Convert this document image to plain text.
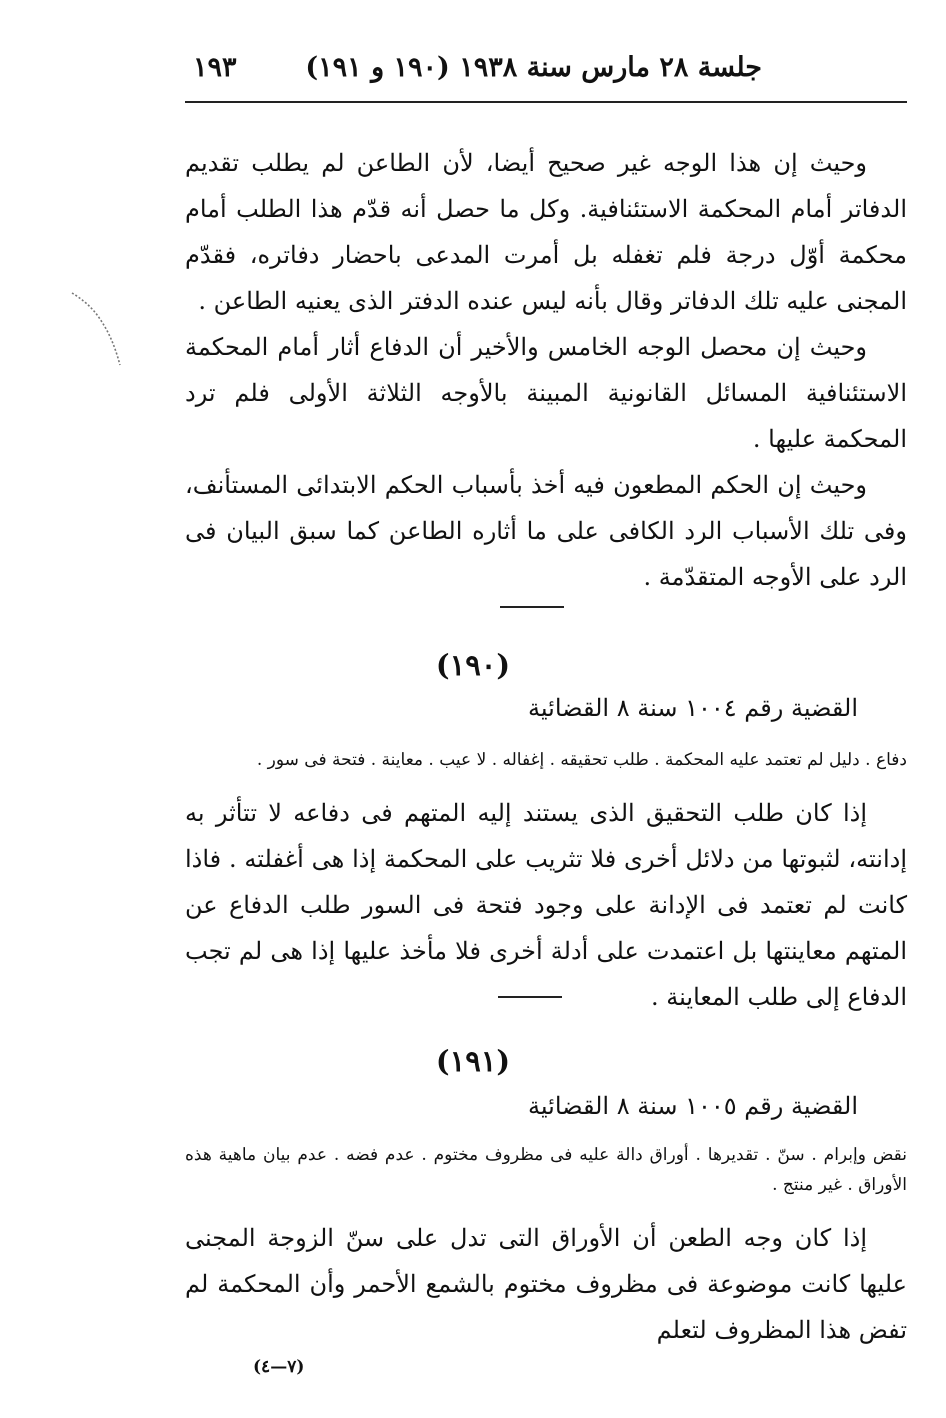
جلسة ٢٨ مارس سنة ١٩٣٨ (١٩٠ و ١٩١)
١٩٣

وحيث إن هذا الوجه غير صحيح أيضا، لأن الطاعن لم يطلب تقديم الدفاتر أمام المحكمة الاستئنافية. وكل ما حصل أنه قدّم هذا الطلب أمام محكمة أوّل درجة فلم تغفله بل أمرت المدعى باحضار دفاتره، فقدّم المجنى عليه تلك الدفاتر وقال بأنه ليس عنده الدفتر الذى يعنيه الطاعن .

وحيث إن محصل الوجه الخامس والأخير أن الدفاع أثار أمام المحكمة الاستئنافية المسائل القانونية المبينة بالأوجه الثلاثة الأولى فلم ترد المحكمة عليها .

وحيث إن الحكم المطعون فيه أخذ بأسباب الحكم الابتدائى المستأنف، وفى تلك الأسباب الرد الكافى على ما أثاره الطاعن كما سبق البيان فى الرد على الأوجه المتقدّمة .

(١٩٠)
القضية رقم ١٠٠٤ سنة ٨ القضائية
دفاع . دليل لم تعتمد عليه المحكمة . طلب تحقيقه . إغفاله . لا عيب . معاينة . فتحة فى سور .

إذا كان طلب التحقيق الذى يستند إليه المتهم فى دفاعه لا تتأثر به إدانته، لثبوتها من دلائل أخرى فلا تثريب على المحكمة إذا هى أغفلته . فاذا كانت لم تعتمد فى الإدانة على وجود فتحة فى السور طلب الدفاع عن المتهم معاينتها بل اعتمدت على أدلة أخرى فلا مأخذ عليها إذا هى لم تجب الدفاع إلى طلب المعاينة .

(١٩١)
القضية رقم ١٠٠٥ سنة ٨ القضائية
نقض وإبرام . سنّ . تقديرها . أوراق دالة عليه فى مظروف مختوم . عدم فضه . عدم بيان ماهية هذه الأوراق . غير منتج .

إذا كان وجه الطعن أن الأوراق التى تدل على سنّ الزوجة المجنى عليها كانت موضوعة فى مظروف مختوم بالشمع الأحمر وأن المحكمة لم تفض هذا المظروف لتعلم

(٧—٤)
